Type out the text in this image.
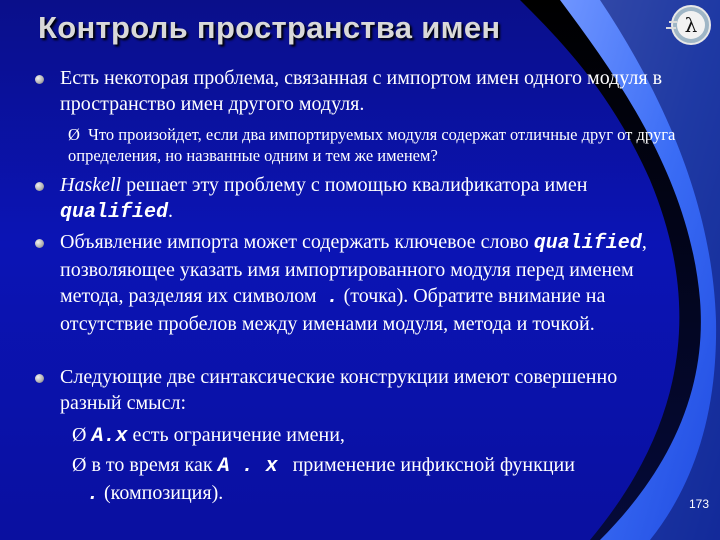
Контроль пространства имен	λ
Есть некоторая проблема, связанная с импортом имен одного модуля в пространство имен другого модуля.
Ø Что произойдет, если два импортируемых модуля содержат отличные друг от друга определения, но названные одним и тем же именем?
Haskell решает эту проблему с помощью квалификатора имен qualified.
Объявление импорта может содержать ключевое слово qualified, позволяющее указать имя импортированного модуля перед именем метода, разделяя их символом . (точка). Обратите внимание на отсутствие пробелов между именами модуля, метода и точкой.
Следующие две синтаксические конструкции имеют совершенно разный смысл:
Ø A.x есть ограничение имени,
Ø в то время как A . x   применение инфиксной функции
. (композиция).	173
